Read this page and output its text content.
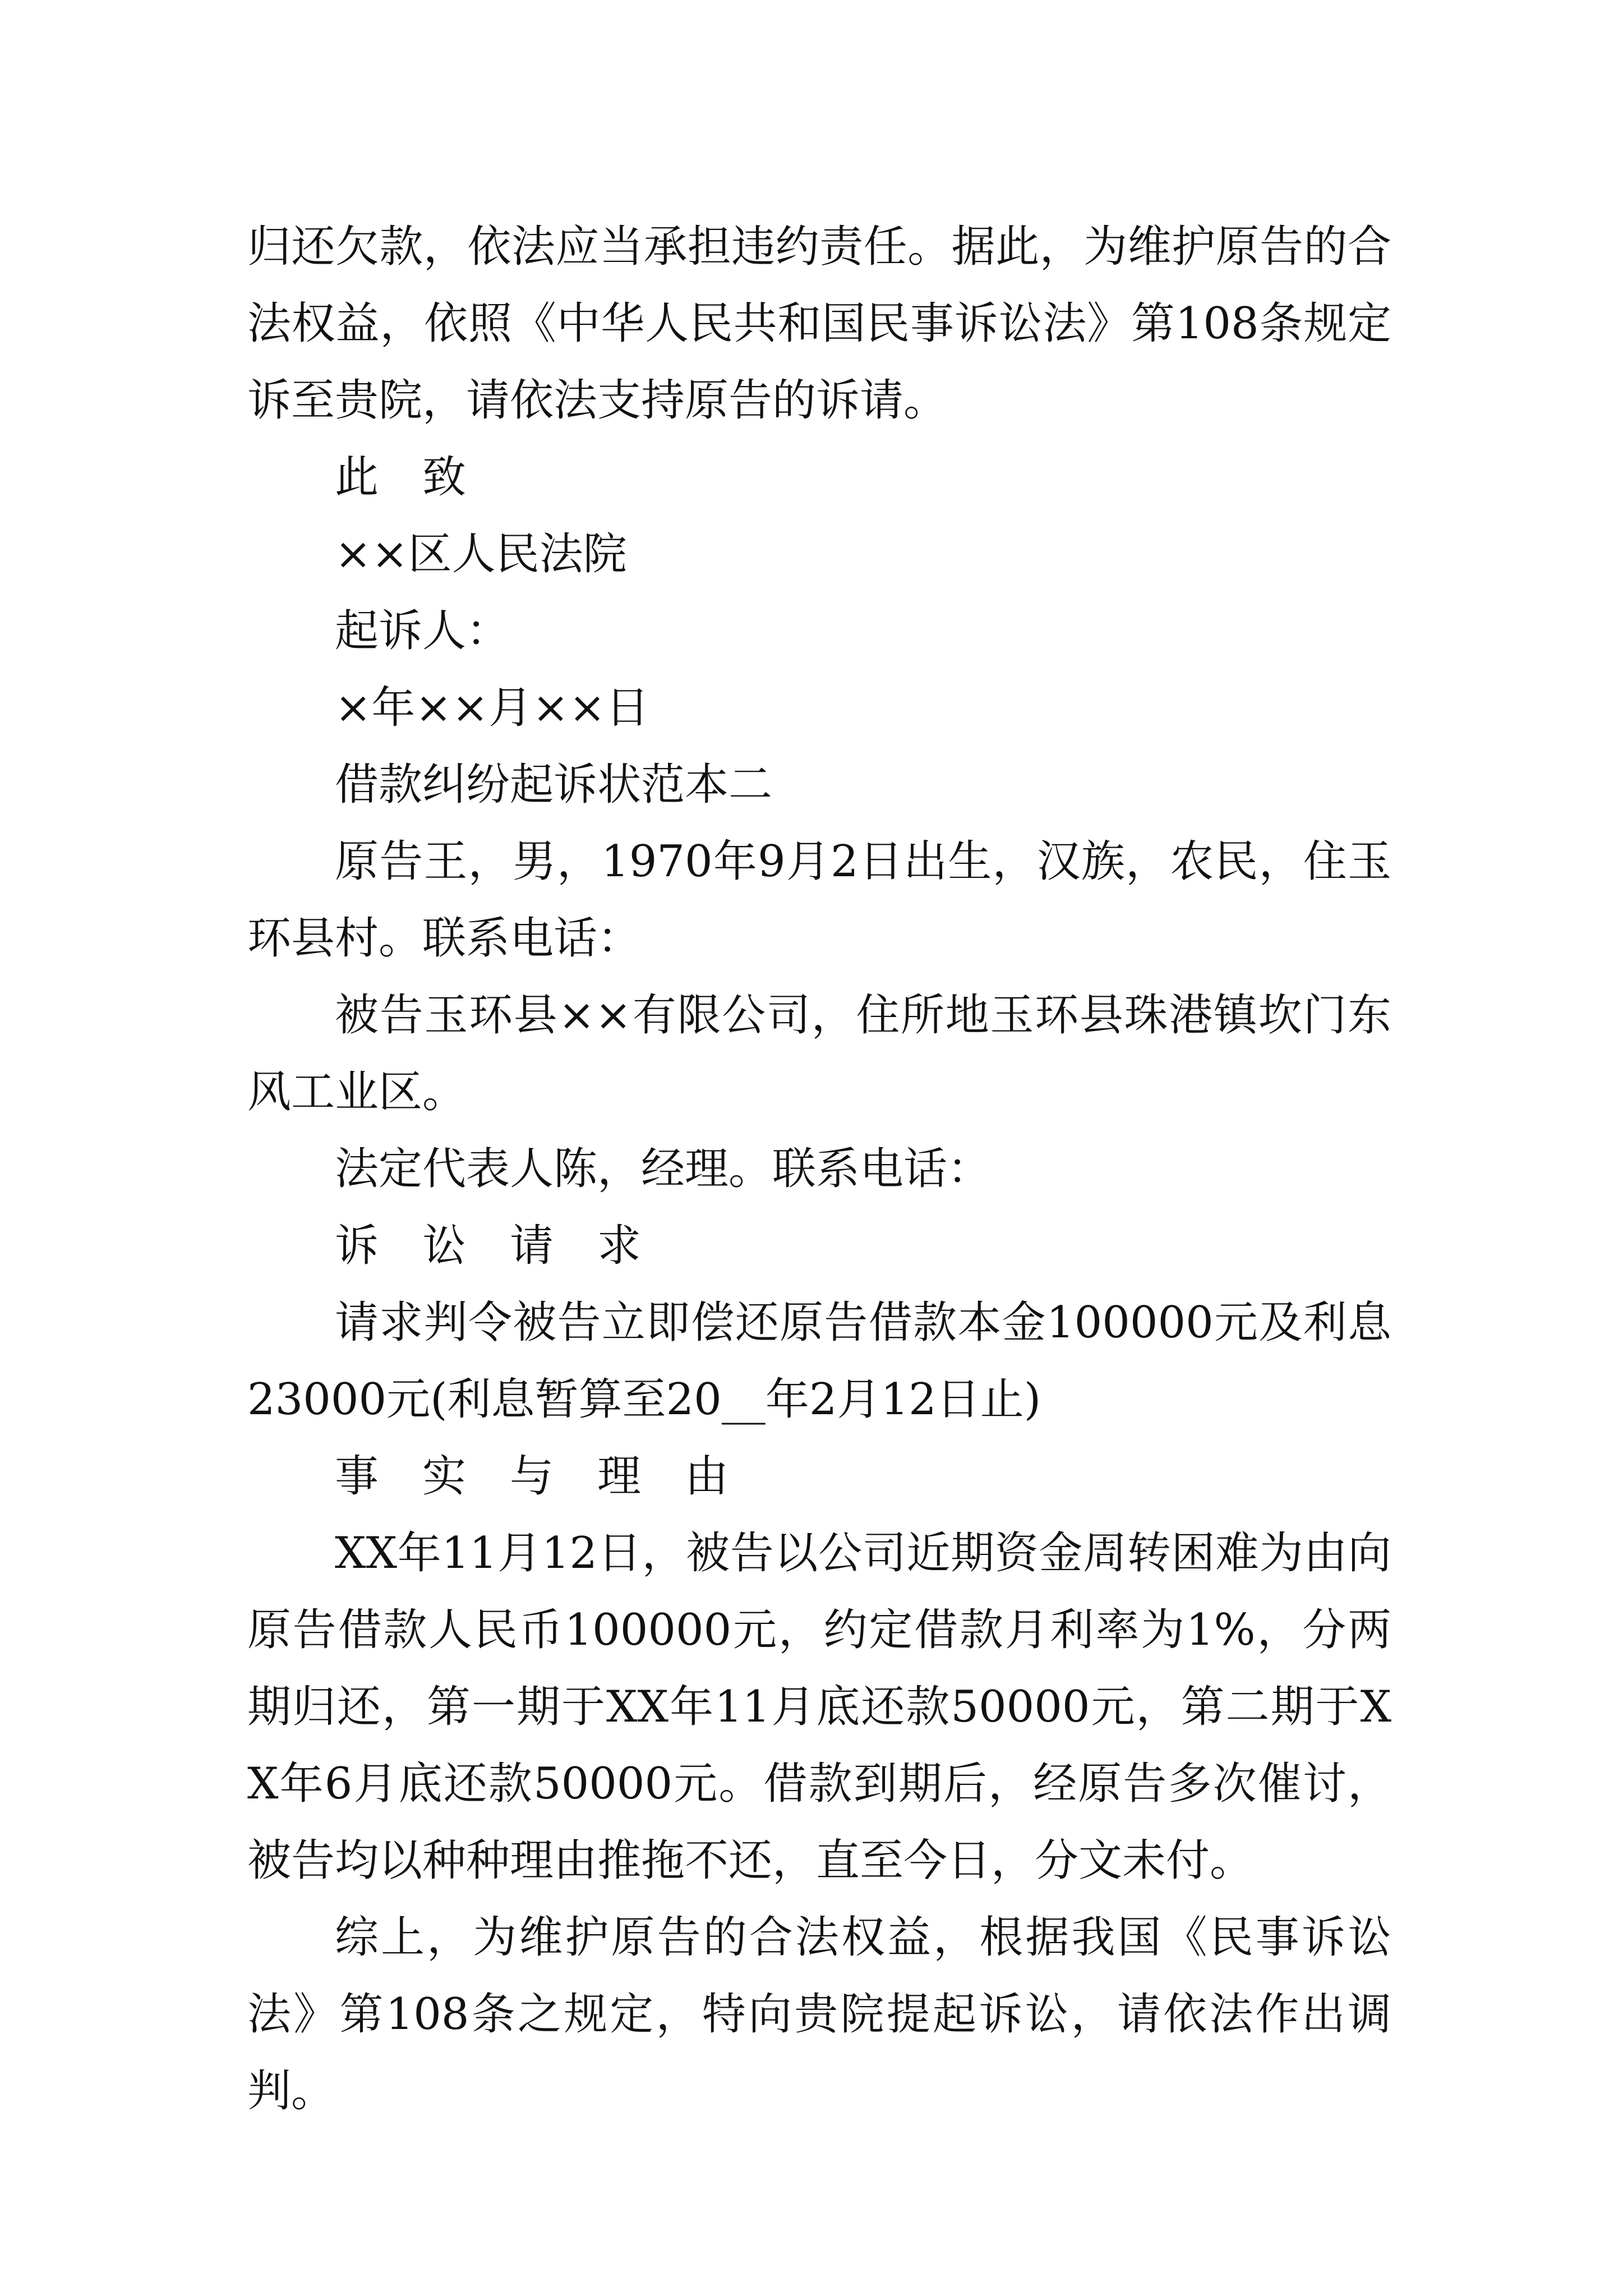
归还欠款，依法应当承担违约责任。据此，为维护原告的合法权益，依照《中华人民共和国民事诉讼法》第108条规定诉至贵院，请依法支持原告的诉请。

此　致

××区人民法院

起诉人：

×年××月××日

借款纠纷起诉状范本二

原告王，男，1970年9月2日出生，汉族，农民，住玉环县村。联系电话：

被告玉环县××有限公司，住所地玉环县珠港镇坎门东风工业区。

法定代表人陈，经理。联系电话：

诉　讼　请　求

请求判令被告立即偿还原告借款本金100000元及利息23000元(利息暂算至20__年2月12日止)

事　实　与　理　由

XX年11月12日，被告以公司近期资金周转困难为由向原告借款人民币100000元，约定借款月利率为1%，分两期归还，第一期于XX年11月底还款50000元，第二期于XX年6月底还款50000元。借款到期后，经原告多次催讨，被告均以种种理由推拖不还，直至今日，分文未付。

综上，为维护原告的合法权益，根据我国《民事诉讼法》第108条之规定，特向贵院提起诉讼，请依法作出调判。
